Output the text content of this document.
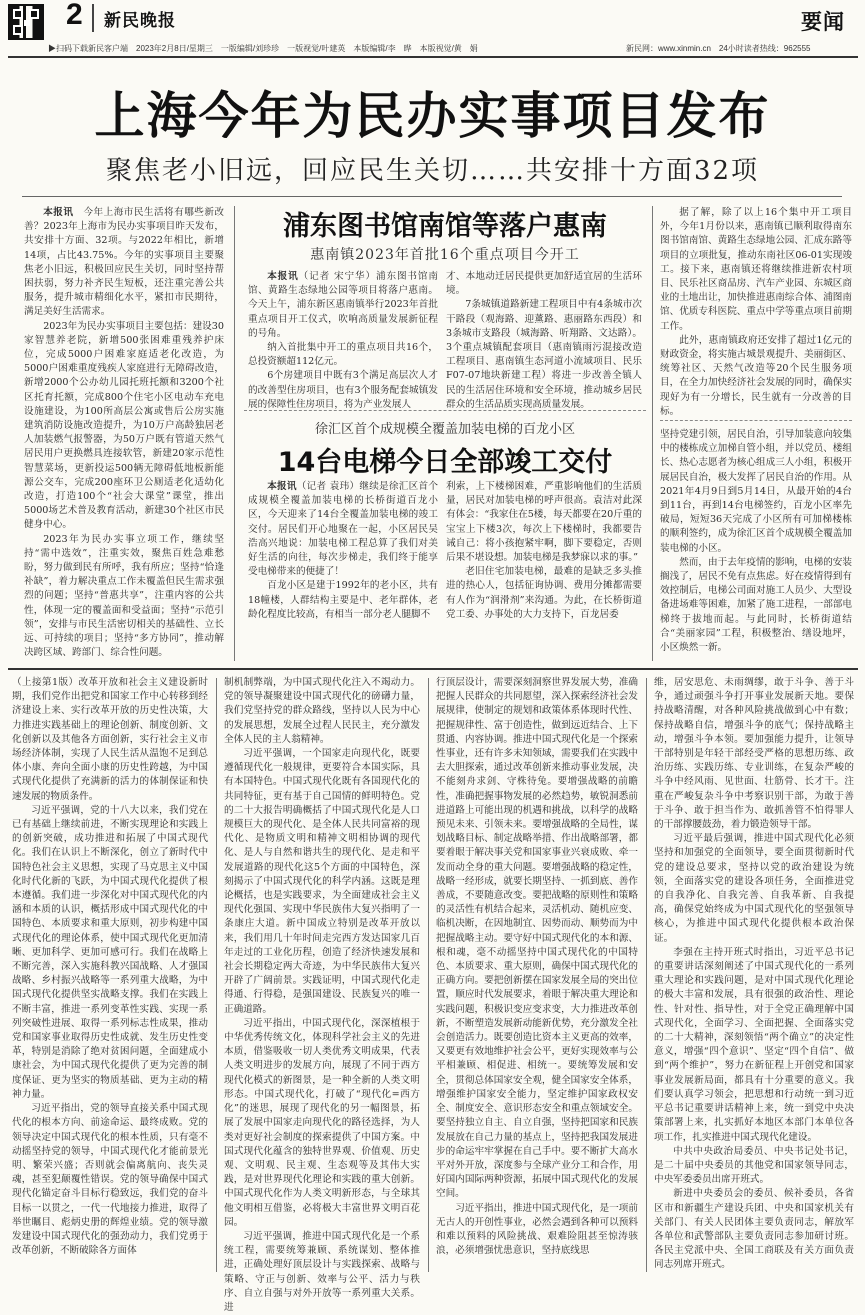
2 新民晚报	要闻
▶扫码下载新民客户端　2023年2月8日/星期三　一版编辑/刘珍珍　一版视觉/叶建英　本版编辑/李　晔　本版视觉/黄　娟	新民网：www.xinmin.cn　24小时读者热线：962555
上海今年为民办实事项目发布
聚焦老小旧远，回应民生关切……共安排十方面32项

本报讯　 今年上海市民生活将有哪些新改善？2023年上海市为民办实事项目昨天发布，共安排十方面、32项。与2022年相比，新增14项，占比43.75%。今年的实事项目主要聚焦老小旧远，积极回应民生关切，同时坚持帮困扶弱，努力补齐民生短板，还注重完善公共服务，提升城市精细化水平，紧扣市民期待，满足美好生活需求。

2023年为民办实事项目主要包括：建设30家智慧养老院，新增500张困难重残养护床位，完成5000户困难家庭适老化改造，为5000户困难重度残疾人家庭进行无障碍改造，新增2000个公办幼儿园托班托额和3200个社区托育托额，完成800个住宅小区电动车充电设施建设，为100所高层公寓或售后公房实施建筑消防设施改造提升，为10万户高龄独居老人加装燃气报警器，为50万户既有管道天然气居民用户更换燃具连接软管，新建20家示范性智慧菜场，更新投运500辆无障碍低地板新能源公交车，完成200座环卫公厕适老化适幼化改造，打造100个“社会大课堂”课堂，推出5000场艺术普及教育活动，新建30个社区市民健身中心。

2023年为民办实事立项工作，继续坚持“需中选效”，注重实效，聚焦百姓急难愁盼，努力做到民有所呼，我有所应；坚持“恰逢补缺”，着力解决重点工作未覆盖但民生需求强烈的问题；坚持“普惠共享”，注重内容的公共性，体现一定的覆盖面和受益面；坚持“示范引领”，安排与市民生活密切相关的基础性、立长远、可持续的项目；坚持“多方协同”，推动解决跨区域、跨部门、综合性问题。

浦东图书馆南馆等落户惠南
惠南镇2023年首批16个重点项目今开工

本报讯（记者 宋宁华）浦东图书馆南馆、黄路生态绿地公园等项目将落户惠南。今天上午，浦东新区惠南镇举行2023年首批重点项目开工仪式，吹响高质量发展新征程的号角。

纳入首批集中开工的重点项目共16个，总投资额超112亿元。

6个房建项目中既有3个满足高层次人才的改善型住房项目，也有3个服务配套城镇发展的保障性住房项目，将为产业发展人

才、本地动迁居民提供更加舒适宜居的生活环境。

7条城镇道路新建工程项目中有4条城市次干路段（观海路、迎薰路、惠丽路东西段）和3条城市支路段（城海路、听翔路、文达路）。3个重点城镇配套项目（惠南镇雨污混接改造工程项目、惠南镇生态河道小流域项目、民乐F07-07地块新建工程）将进一步改善全镇人民的生活居住环境和安全环境，推动城乡居民群众的生活品质实现高质量发展。

据了解，除了以上16个集中开工项目外，今年1月份以来，惠南镇已顺利取得南东图书馆南馆、黄路生态绿地公园、汇成东路等项目的立项批复，推动东南社区06-01实现竣工。接下来，惠南镇还将继续推进新农村项目、民乐社区商品房、汽车产业园、东城区商业的土地出让，加快推进惠南综合体、浦图南馆、优质专科医院、重点中学等重点项目前期工作。

此外，惠南镇政府还安排了超过1亿元的财政资金，将实施古城景观提升、美丽街区、统筹社区、天然气改造等20个民生服务项目，在全力加快经济社会发展的同时，确保实现好为有一分增长，民生就有一分改善的目标。

徐汇区首个成规模全覆盖加装电梯的百龙小区
14台电梯今日全部竣工交付

本报讯（记者 袁玮）继续是徐汇区首个成规模全覆盖加装电梯的长桥街道百龙小区，今天迎来了14台全覆盖加装电梯的竣工交付。居民们开心地聚在一起，小区居民吴浩高兴地说：加装电梯工程总算了我们对美好生活的向往，每次步梯走，我们终于能享受电梯带来的便捷了！

百龙小区是建于1992年的老小区，共有18幢楼，人群结构主要是中、老年群体，老龄化程度比较高，有相当一部分老人腿脚不

利索，上下楼梯困难，严重影响他们的生活质量，居民对加装电梯的呼声很高。袁洁对此深有体会：“我家住在5楼，每天都要在20斤重的宝宝上下楼3次，每次上下楼梯时，我都要告诫自己：将小孩抱紧牢啊，脚下要稳定，否则后果不堪设想。加装电梯是我梦寐以求的事。”

老旧住宅加装电梯，最难的是缺乏多头推进的热心人，包括征询协调、费用分摊都需要有人作为“润滑剂”来沟通。为此，在长桥街道党工委、办事处的大力支持下，百龙居委

坚持党建引领，居民自治，引导加装意向较集中的楼栋成立加梯自管小组，并以党员、楼组长、热心志愿者为核心组成三人小组，积极开展居民自治，极大发挥了居民自治的作用。从2021年4月9日到5月14日，从最开始的4台到11台，再到14台电梯签约，百龙小区率先破局，短短36天完成了小区所有可加梯楼栋的顺利签约，成为徐汇区首个成规模全覆盖加装电梯的小区。

然而，由于去年疫情的影响，电梯的安装搁浅了，居民不免有点焦虑。好在疫情得到有效控制后，电梯公司面对施工人员少、大型设备进场难等困难，加紧了施工进程，一部部电梯终于拔地而起。与此同时，长桥街道结合“美丽家园”工程，积极整治、缮设地坪，小区焕然一新。

（上接第1版）改革开放和社会主义建设新时期，我们党作出把党和国家工作中心转移到经济建设上来、实行改革开放的历史性决策，大力推进实践基础上的理论创新、制度创新、文化创新以及其他各方面创新，实行社会主义市场经济体制，实现了人民生活从温饱不足到总体小康、奔向全面小康的历史性跨越，为中国式现代化提供了充满新的活力的体制保证和快速发展的物质条件。

习近平强调，党的十八大以来，我们党在已有基础上继续前进，不断实现理论和实践上的创新突破，成功推进和拓展了中国式现代化。我们在认识上不断深化，创立了新时代中国特色社会主义思想，实现了马克思主义中国化时代化新的飞跃，为中国式现代化提供了根本遵循。我们进一步深化对中国式现代化的内涵和本质的认识，概括形成中国式现代化的中国特色、本质要求和重大原则，初步构建中国式现代化的理论体系，使中国式现代化更加清晰、更加科学、更加可感可行。我们在战略上不断完善，深入实施科教兴国战略、人才强国战略、乡村振兴战略等一系列重大战略，为中国式现代化提供坚实战略支撑。我们在实践上不断丰富，推进一系列变革性实践、实现一系列突破性进展、取得一系列标志性成果，推动党和国家事业取得历史性成就、发生历史性变革，特别是消除了绝对贫困问题，全面建成小康社会，为中国式现代化提供了更为完善的制度保证、更为坚实的物质基础、更为主动的精神力量。

习近平指出，党的领导直接关系中国式现代化的根本方向、前途命运、最终成败。党的领导决定中国式现代化的根本性质，只有毫不动摇坚持党的领导，中国式现代化才能前景光明、繁荣兴盛；否则就会偏离航向、丧失灵魂，甚至犯颠覆性错误。党的领导确保中国式现代化锚定奋斗目标行稳致远，我们党的奋斗目标一以贯之，一代一代地接力推进，取得了举世瞩目、彪炳史册的辉煌业绩。党的领导激发建设中国式现代化的强劲动力，我们党勇于改革创新，不断破除各方面体

制机制弊端，为中国式现代化注入不竭动力。党的领导凝聚建设中国式现代化的磅礴力量，我们党坚持党的群众路线，坚持以人民为中心的发展思想，发展全过程人民民主，充分激发全体人民的主人翁精神。

习近平强调，一个国家走向现代化，既要遵循现代化一般规律，更要符合本国实际，具有本国特色。中国式现代化既有各国现代化的共同特征，更有基于自己国情的鲜明特色。党的二十大报告明确概括了中国式现代化是人口规模巨大的现代化、是全体人民共同富裕的现代化、是物质文明和精神文明相协调的现代化、是人与自然和谐共生的现代化、是走和平发展道路的现代化这5个方面的中国特色，深刻揭示了中国式现代化的科学内涵。这既是理论概括，也是实践要求，为全面建成社会主义现代化强国、实现中华民族伟大复兴指明了一条康庄大道。新中国成立特别是改革开放以来，我们用几十年时间走完西方发达国家几百年走过的工业化历程，创造了经济快速发展和社会长期稳定两大奇迹，为中华民族伟大复兴开辟了广阔前景。实践证明，中国式现代化走得通、行得稳，是强国建设、民族复兴的唯一正确道路。

习近平指出，中国式现代化，深深植根于中华优秀传统文化，体现科学社会主义的先进本质，借鉴吸收一切人类优秀文明成果，代表人类文明进步的发展方向，展现了不同于西方现代化模式的新图景，是一种全新的人类文明形态。中国式现代化，打破了“现代化=西方化”的迷思，展现了现代化的另一幅图景，拓展了发展中国家走向现代化的路径选择，为人类对更好社会制度的探索提供了中国方案。中国式现代化蕴含的独特世界观、价值观、历史观、文明观、民主观、生态观等及其伟大实践，是对世界现代化理论和实践的重大创新。中国式现代化作为人类文明新形态，与全球其他文明相互借鉴，必将极大丰富世界文明百花园。

习近平强调，推进中国式现代化是一个系统工程，需要统筹兼顾、系统谋划、整体推进，正确处理好顶层设计与实践探索、战略与策略、守正与创新、效率与公平、活力与秩序、自立自强与对外开放等一系列重大关系。进

行顶层设计，需要深刻洞察世界发展大势，准确把握人民群众的共同愿望，深入探索经济社会发展规律，使制定的规划和政策体系体现时代性、把握规律性、富于创造性，做到远近结合、上下贯通、内容协调。推进中国式现代化是一个探索性事业，还有许多未知领域，需要我们在实践中去大胆探索，通过改革创新来推动事业发展，决不能刻舟求剑、守株待兔。要增强战略的前瞻性，准确把握事物发展的必然趋势，敏锐洞悉前进道路上可能出现的机遇和挑战，以科学的战略预见未来、引领未来。要增强战略的全局性，谋划战略目标、制定战略举措、作出战略部署，都要着眼于解决事关党和国家事业兴衰成败、牵一发而动全身的重大问题。要增强战略的稳定性，战略一经形成，就要长期坚持、一抓到底、善作善成，不要随意改变。要把战略的原则性和策略的灵活性有机结合起来，灵活机动、随机应变、临机决断，在因地制宜、因势而动、顺势而为中把握战略主动。要守好中国式现代化的本和源、根和魂，毫不动摇坚持中国式现代化的中国特色、本质要求、重大原则，确保中国式现代化的正确方向。要把创新摆在国家发展全局的突出位置，顺应时代发展要求，着眼于解决重大理论和实践问题，积极识变应变求变，大力推进改革创新，不断塑造发展新动能新优势，充分激发全社会创造活力。既要创造比资本主义更高的效率，又要更有效地维护社会公平，更好实现效率与公平相兼顾、相促进、相统一。要统筹发展和安全，贯彻总体国家安全观，健全国家安全体系，增强维护国家安全能力，坚定维护国家政权安全、制度安全、意识形态安全和重点领域安全。要坚持独立自主、自立自强，坚持把国家和民族发展放在自己力量的基点上，坚持把我国发展进步的命运牢牢掌握在自己手中。要不断扩大高水平对外开放，深度参与全球产业分工和合作，用好国内国际两种资源，拓展中国式现代化的发展空间。

习近平指出，推进中国式现代化，是一项前无古人的开创性事业，必然会遇到各种可以预料和难以预料的风险挑战、艰难险阻甚至惊涛骇浪，必须增强忧患意识，坚持底线思

维，居安思危、未雨绸缪，敢于斗争、善于斗争，通过顽强斗争打开事业发展新天地。要保持战略清醒，对各种风险挑战做到心中有数；保持战略自信，增强斗争的底气；保持战略主动，增强斗争本领。要加强能力提升，让领导干部特别是年轻干部经受严格的思想历练、政治历练、实践历练、专业训练，在复杂严峻的斗争中经风雨、见世面、壮筋骨、长才干。注重在严峻复杂斗争中考察识别干部，为敢于善于斗争、敢于担当作为、敢抓善管不怕得罪人的干部撑腰鼓劲，着力锻造领导干部。

习近平最后强调，推进中国式现代化必须坚持和加强党的全面领导，要全面贯彻新时代党的建设总要求，坚持以党的政治建设为统领，全面落实党的建设各项任务，全面推进党的自我净化、自我完善、自我革新、自我提高，确保党始终成为中国式现代化的坚强领导核心，为推进中国式现代化提供根本政治保证。

李强在主持开班式时指出，习近平总书记的重要讲话深刻阐述了中国式现代化的一系列重大理论和实践问题，是对中国式现代化理论的极大丰富和发展，具有很强的政治性、理论性、针对性、指导性，对于全党正确理解中国式现代化，全面学习、全面把握、全面落实党的二十大精神，深刻领悟“两个确立”的决定性意义，增强“四个意识”、坚定“四个自信”、做到“两个维护”，努力在新征程上开创党和国家事业发展新局面，都具有十分重要的意义。我们要认真学习领会，把思想和行动统一到习近平总书记重要讲话精神上来，统一到党中央决策部署上来，扎实抓好本地区本部门本单位各项工作，扎实推进中国式现代化建设。

中共中央政治局委员、中央书记处书记，是二十届中央委员的其他党和国家领导同志，中央军委委员出席开班式。

新进中央委员会的委员、候补委员，各省区市和新疆生产建设兵团、中央和国家机关有关部门、有关人民团体主要负责同志，解放军各单位和武警部队主要负责同志参加研讨班。各民主党派中央、全国工商联及有关方面负责同志列席开班式。
